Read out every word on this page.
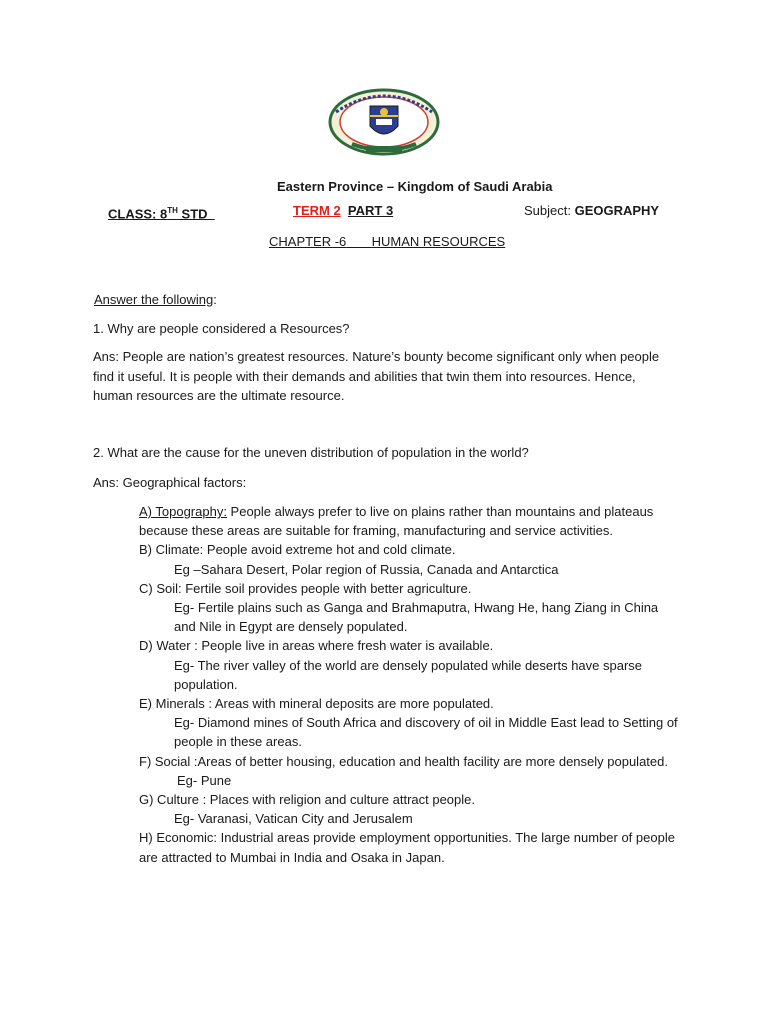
Eastern Province – Kingdom of Saudi Arabia
CLASS: 8TH STD	TERM 2 PART 3	Subject: GEOGRAPHY
CHAPTER -6 HUMAN RESOURCES
Answer the following:
1. Why are people considered a Resources?
Ans: People are nation’s greatest resources. Nature’s bounty become significant only when people find it useful. It is people with their demands and abilities that twin them into resources. Hence, human resources are the ultimate resource.
2. What are the cause for the uneven distribution of population in the world?
Ans: Geographical factors:
A) Topography: People always prefer to live on plains rather than mountains and plateaus because these areas are suitable for framing, manufacturing and service activities.
B) Climate: People avoid extreme hot and cold climate.
Eg –Sahara Desert, Polar region of Russia, Canada and Antarctica
C) Soil: Fertile soil provides people with better agriculture.
Eg- Fertile plains such as Ganga and Brahmaputra, Hwang He, hang Ziang in China and Nile in Egypt are densely populated.
D) Water : People live in areas where fresh water is available.
Eg- The river valley of the world are densely populated while deserts have sparse population.
E) Minerals : Areas with mineral deposits are more populated.
Eg- Diamond mines of South Africa and discovery of oil in Middle East lead to Setting of people in these areas.
F) Social :Areas of better housing, education and health facility are more densely populated.
Eg- Pune
G) Culture : Places with religion and culture attract people.
Eg- Varanasi, Vatican City and Jerusalem
H) Economic: Industrial areas provide employment opportunities. The large number of people are attracted to Mumbai in India and Osaka in Japan.
